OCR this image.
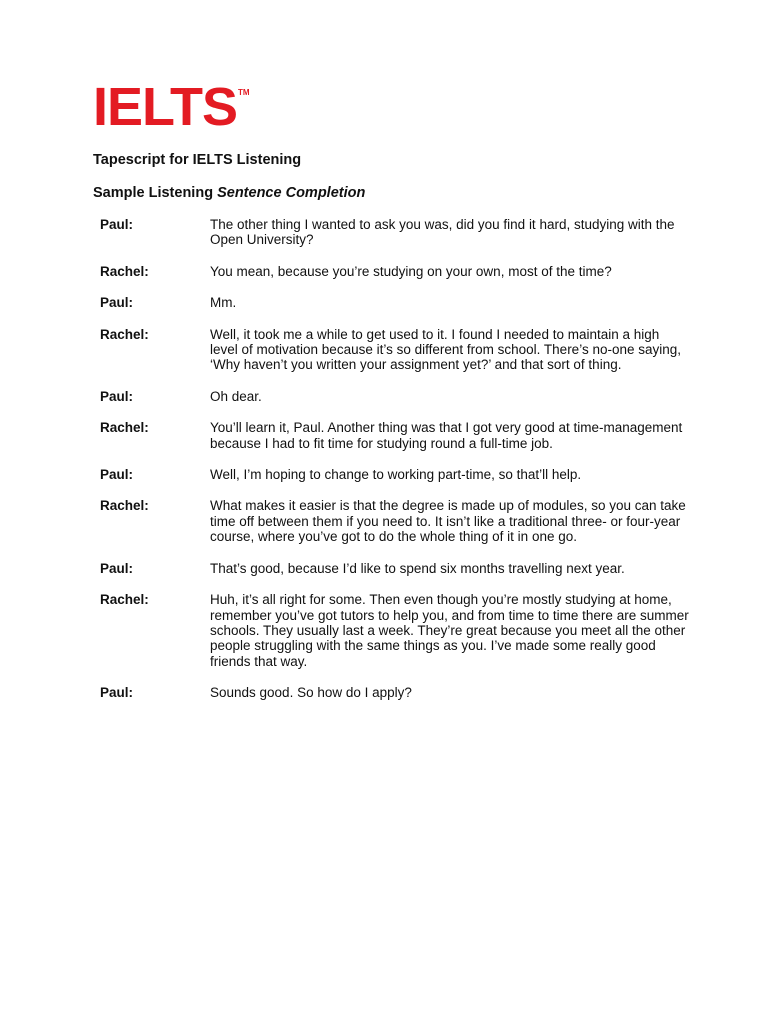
IELTS TM
Tapescript for IELTS Listening
Sample Listening Sentence Completion
Paul:	The other thing I wanted to ask you was, did you find it hard, studying with the Open University?
Rachel:	You mean, because you’re studying on your own, most of the time?
Paul:	Mm.
Rachel:	Well, it took me a while to get used to it. I found I needed to maintain a high level of motivation because it’s so different from school. There’s no-one saying, ‘Why haven’t you written your assignment yet?’ and that sort of thing.
Paul:	Oh dear.
Rachel:	You’ll learn it, Paul. Another thing was that I got very good at time-management because I had to fit time for studying round a full-time job.
Paul:	Well, I’m hoping to change to working part-time, so that’ll help.
Rachel:	What makes it easier is that the degree is made up of modules, so you can take time off between them if you need to. It isn’t like a traditional three- or four-year course, where you’ve got to do the whole thing of it in one go.
Paul:	That’s good, because I’d like to spend six months travelling next year.
Rachel:	Huh, it’s all right for some. Then even though you’re mostly studying at home, remember you’ve got tutors to help you, and from time to time there are summer schools. They usually last a week. They’re great because you meet all the other people struggling with the same things as you. I’ve made some really good friends that way.
Paul:	Sounds good. So how do I apply?
